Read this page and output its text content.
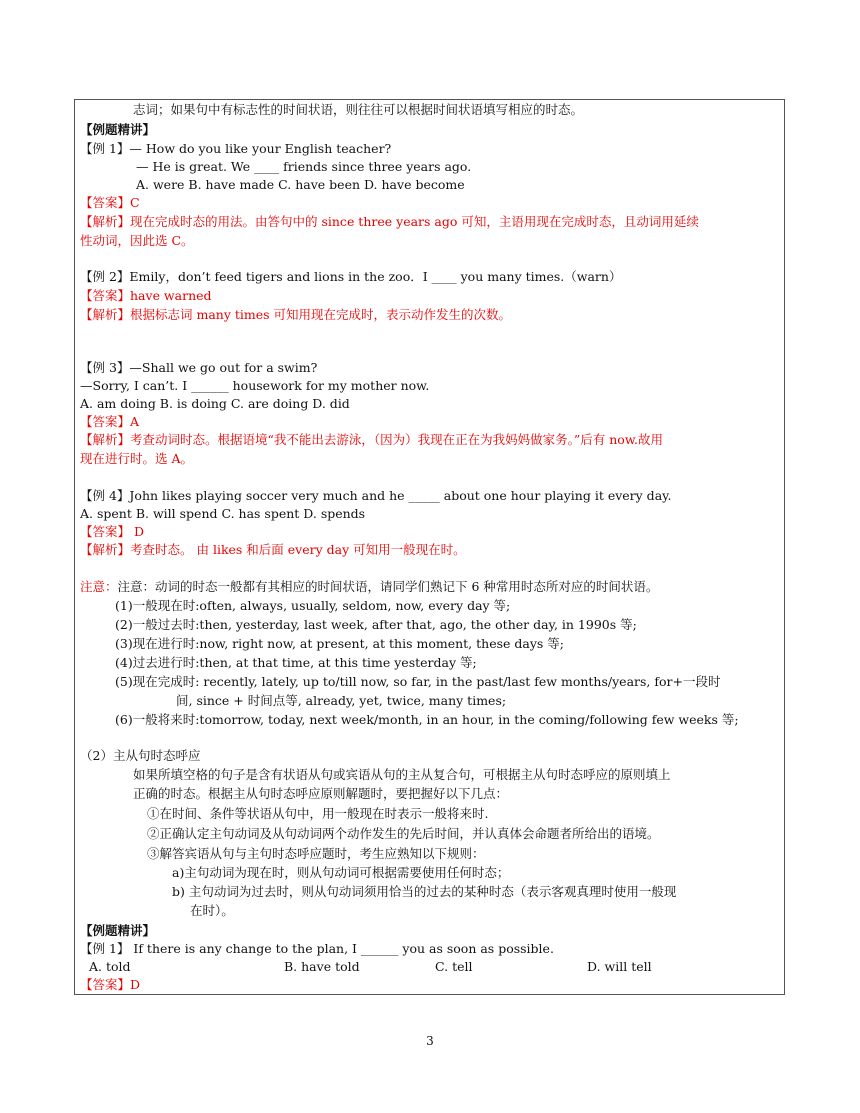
志词；如果句中有标志性的时间状语，则往往可以根据时间状语填写相应的时态。
【例题精讲】
【例 1】— How do you like your English teacher?
— He is great. We ____ friends since three years ago.
A. were B. have made C. have been D. have become
【答案】C
【解析】现在完成时态的用法。由答句中的 since three years ago 可知，主语用现在完成时态，且动词用延续
性动词，因此选 C。
【例 2】Emily，don’t feed tigers and lions in the zoo．I ____ you many times.（warn）
【答案】have warned
【解析】根据标志词 many times 可知用现在完成时，表示动作发生的次数。
【例 3】—Shall we go out for a swim?
—Sorry, I can’t. I ______ housework for my mother now.
A. am doing B. is doing C. are doing D. did
【答案】A
【解析】考查动词时态。根据语境“我不能出去游泳，（因为）我现在正在为我妈妈做家务。”后有 now.故用
现在进行时。选 A。
【例 4】John likes playing soccer very much and he _____ about one hour playing it every day.
A. spent B. will spend C. has spent D. spends
【答案】 D
【解析】考查时态。 由 likes 和后面 every day 可知用一般现在时。
注意：注意：动词的时态一般都有其相应的时间状语，请同学们熟记下 6 种常用时态所对应的时间状语。
(1)一般现在时:often, always, usually, seldom, now, every day 等;
(2)一般过去时:then, yesterday, last week, after that, ago, the other day, in 1990s 等;
(3)现在进行时:now, right now, at present, at this moment, these days 等;
(4)过去进行时:then, at that time, at this time yesterday 等;
(5)现在完成时: recently, lately, up to/till now, so far, in the past/last few months/years, for+一段时
间, since + 时间点等, already, yet, twice, many times;
(6)一般将来时:tomorrow, today, next week/month, in an hour, in the coming/following few weeks 等;
（2）主从句时态呼应
如果所填空格的句子是含有状语从句或宾语从句的主从复合句，可根据主从句时态呼应的原则填上
正确的时态。根据主从句时态呼应原则解题时，要把握好以下几点：
①在时间、条件等状语从句中，用一般现在时表示一般将来时.
②正确认定主句动词及从句动词两个动作发生的先后时间，并认真体会命题者所给出的语境。
③解答宾语从句与主句时态呼应题时，考生应熟知以下规则：
a)主句动词为现在时，则从句动词可根据需要使用任何时态；
b) 主句动词为过去时，则从句动词须用恰当的过去的某种时态（表示客观真理时使用一般现
在时）。
【例题精讲】
【例 1】 If there is any change to the plan, I ______ you as soon as possible.
A. told	B. have told	C. tell	D. will tell
【答案】D
3
